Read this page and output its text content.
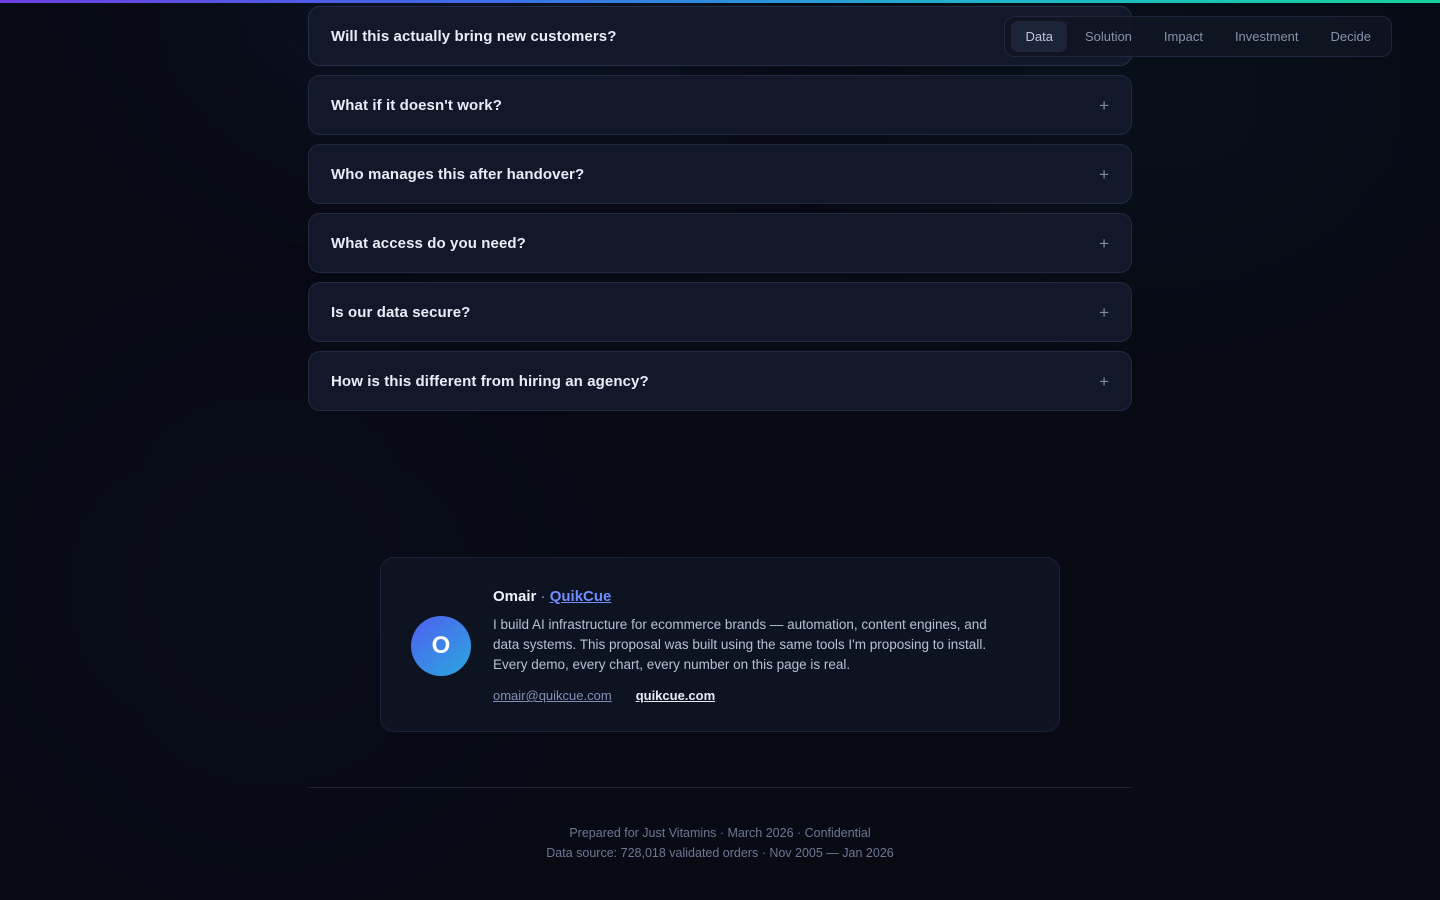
Data	Solution	Impact	Investment	Decide
Will this actually bring new customers?
What if it doesn't work?	+
Who manages this after handover?	+
What access do you need?	+
Is our data secure?	+
How is this different from hiring an agency?	+
O
Omair · QuikCue
I build AI infrastructure for ecommerce brands — automation, content engines, and data systems. This proposal was built using the same tools I'm proposing to install. Every demo, every chart, every number on this page is real.
omair@quikcue.com quikcue.com
Prepared for Just Vitamins · March 2026 · Confidential
Data source: 728,018 validated orders · Nov 2005 — Jan 2026
